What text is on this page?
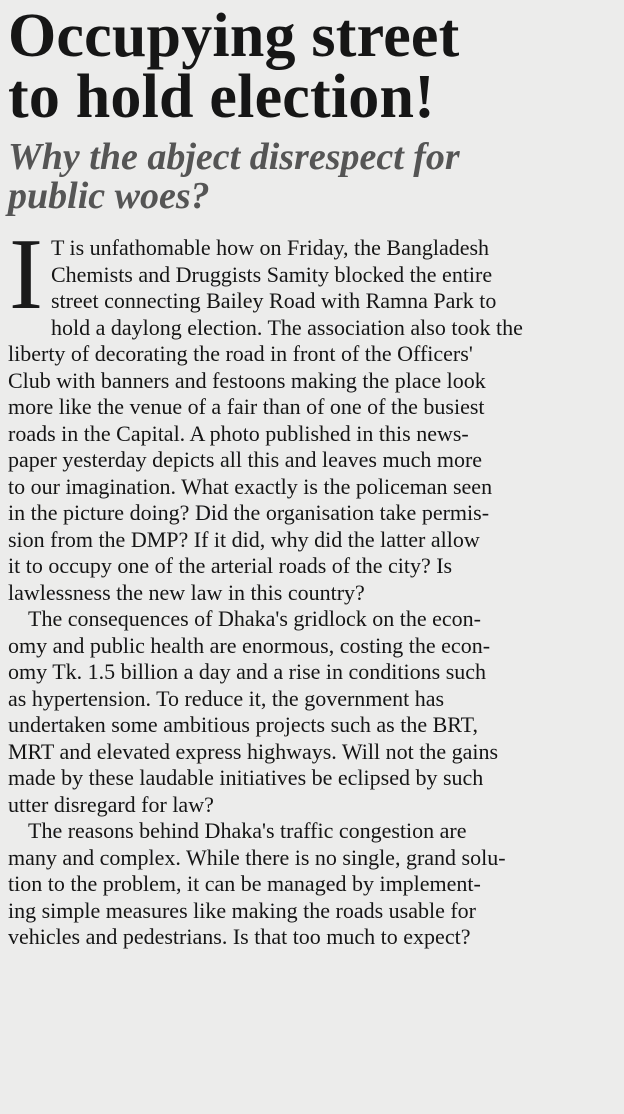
Occupying street
to hold election!
Why the abject disrespect for
public woes?

I T is unfathomable how on Friday, the Bangladesh
Chemists and Druggists Samity blocked the entire
street connecting Bailey Road with Ramna Park to
hold a daylong election. The association also took the
liberty of decorating the road in front of the Officers'
Club with banners and festoons making the place look
more like the venue of a fair than of one of the busiest
roads in the Capital. A photo published in this news-
paper yesterday depicts all this and leaves much more
to our imagination. What exactly is the policeman seen
in the picture doing? Did the organisation take permis-
sion from the DMP? If it did, why did the latter allow
it to occupy one of the arterial roads of the city? Is
lawlessness the new law in this country?

The consequences of Dhaka's gridlock on the econ-
omy and public health are enormous, costing the econ-
omy Tk. 1.5 billion a day and a rise in conditions such
as hypertension. To reduce it, the government has
undertaken some ambitious projects such as the BRT,
MRT and elevated express highways. Will not the gains
made by these laudable initiatives be eclipsed by such
utter disregard for law?

The reasons behind Dhaka's traffic congestion are
many and complex. While there is no single, grand solu-
tion to the problem, it can be managed by implement-
ing simple measures like making the roads usable for
vehicles and pedestrians. Is that too much to expect?
